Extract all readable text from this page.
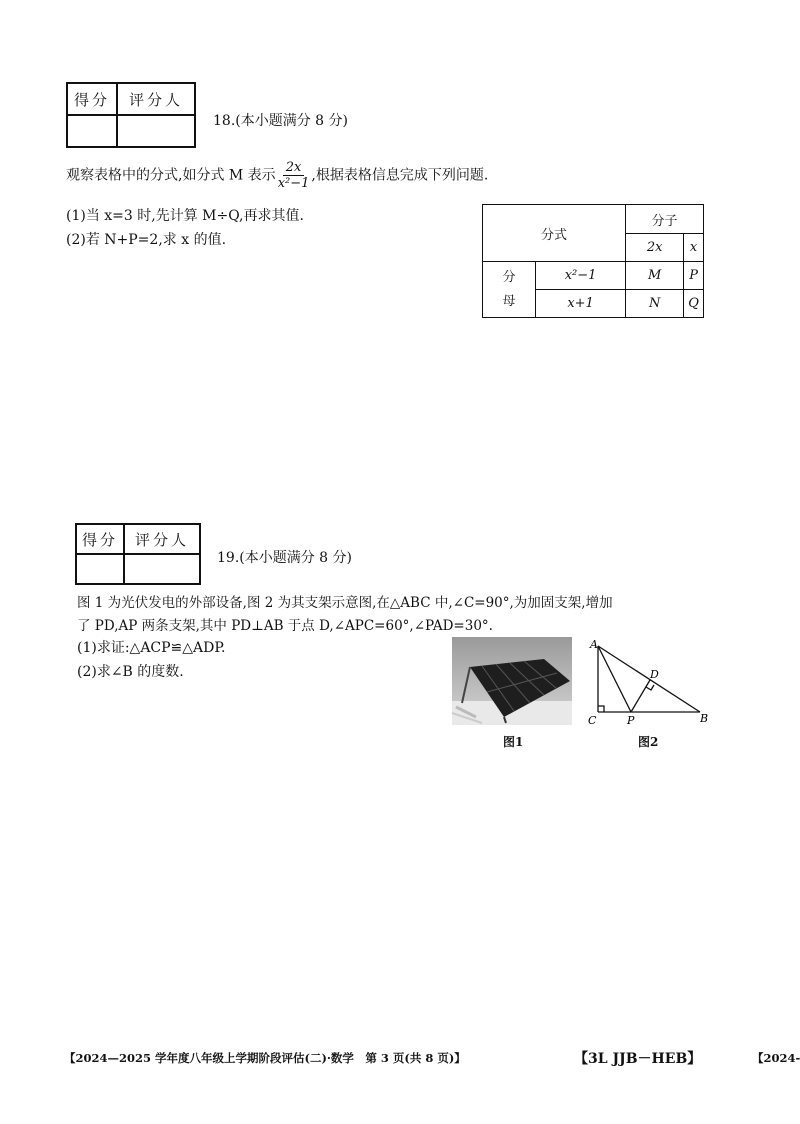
得分	评分人

18.(本小题满分 8 分)
观察表格中的分式,如分式 M 表示 $\frac{2x}{\text{x²−1}}$ ,根据表格信息完成下列问题.
(1)当 x=3 时,先计算 M÷Q,再求其值.
(2)若 N+P=2,求 x 的值.	分式		分子	
		2x	x

分
母	x²−1	M	P
	x+1	N	Q
得分	评分人

19.(本小题满分 8 分)
图 1 为光伏发电的外部设备,图 2 为其支架示意图,在△ABC 中,∠C=90°,为加固支架,增加
了 PD,AP 两条支架,其中 PD⊥AB 于点 D,∠APC=60°,∠PAD=30°.
(1)求证:△ACP≌△ADP.
(2)求∠B 的度数.
图1
A
C	P	B
D
图2
【2024—2025 学年度八年级上学期阶段评估(二)·数学　第 3 页(共 8 页)】	【3L JJB－HEB】	【2024-
